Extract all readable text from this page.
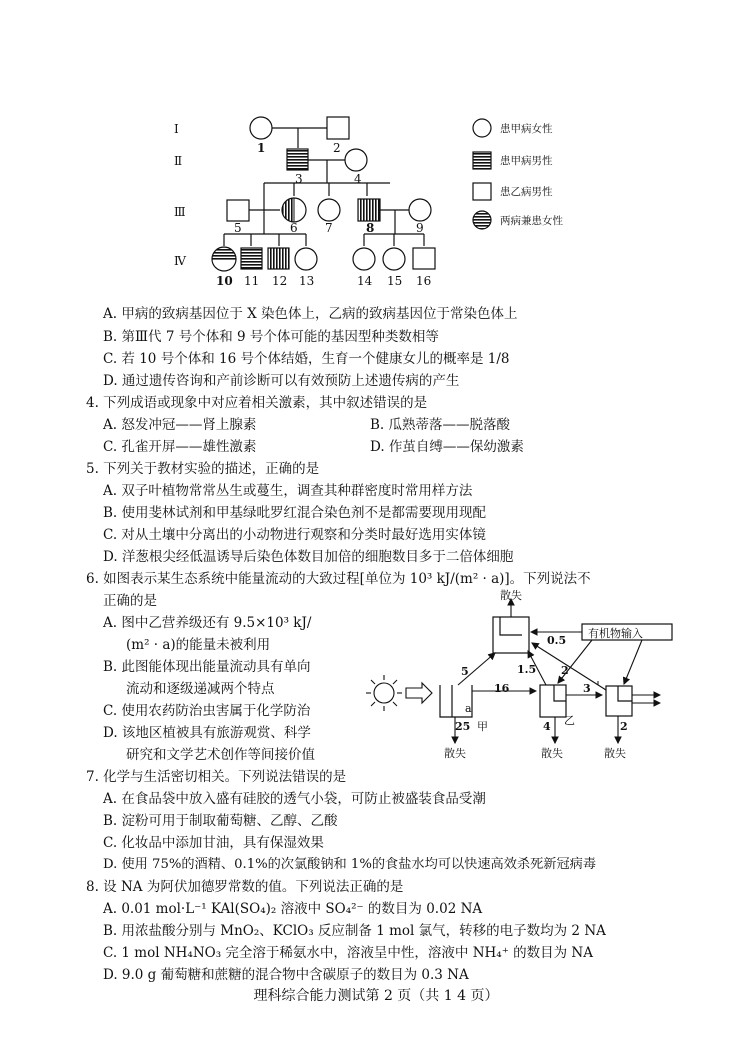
Ⅰ
Ⅱ
Ⅲ
Ⅳ
1	2
3	4
5	6 7	8	9
10 11 12 13	14 15 16
患甲病女性
患甲病男性
患乙病男性
两病兼患女性
A. 甲病的致病基因位于 X 染色体上，乙病的致病基因位于常染色体上
B. 第Ⅲ代 7 号个体和 9 号个体可能的基因型种类数相等
C. 若 10 号个体和 16 号个体结婚，生育一个健康女儿的概率是 1/8
D. 通过遗传咨询和产前诊断可以有效预防上述遗传病的产生
4. 下列成语或现象中对应着相关激素，其中叙述错误的是
A. 怒发冲冠——肾上腺素	B. 瓜熟蒂落——脱落酸
C. 孔雀开屏——雄性激素	D. 作茧自缚——保幼激素
5. 下列关于教材实验的描述，正确的是
A. 双子叶植物常常丛生或蔓生，调查其种群密度时常用样方法
B. 使用斐林试剂和甲基绿吡罗红混合染色剂不是都需要现用现配
C. 对从土壤中分离出的小动物进行观察和分类时最好选用实体镜
D. 洋葱根尖经低温诱导后染色体数目加倍的细胞数目多于二倍体细胞
6. 如图表示某生态系统中能量流动的大致过程[单位为 10³ kJ/(m² · a)]。下列说法不
正确的是
A. 图中乙营养级还有 9.5×10³ kJ/
(m² · a)的能量未被利用
B. 此图能体现出能量流动具有单向
流动和逐级递减两个特点
C. 使用农药防治虫害属于化学防治
D. 该地区植被具有旅游观赏、科学
研究和文学艺术创作等间接价值
散失
有机物输入
0.5
5	1.5 2
16	3
a
25 甲	4 乙	2
散失	散失	散失
7. 化学与生活密切相关。下列说法错误的是
A. 在食品袋中放入盛有硅胶的透气小袋，可防止被盛装食品受潮
B. 淀粉可用于制取葡萄糖、乙醇、乙酸
C. 化妆品中添加甘油，具有保湿效果
D. 使用 75%的酒精、0.1%的次氯酸钠和 1%的食盐水均可以快速高效杀死新冠病毒
8. 设 NA 为阿伏加德罗常数的值。下列说法正确的是
A. 0.01 mol·L⁻¹ KAl(SO₄)₂ 溶液中 SO₄²⁻ 的数目为 0.02 NA
B. 用浓盐酸分别与 MnO₂、KClO₃ 反应制备 1 mol 氯气，转移的电子数均为 2 NA
C. 1 mol NH₄NO₃ 完全溶于稀氨水中，溶液呈中性，溶液中 NH₄⁺ 的数目为 NA
D. 9.0 g 葡萄糖和蔗糖的混合物中含碳原子的数目为 0.3 NA
理科综合能力测试第 2 页（共 1 4 页）
